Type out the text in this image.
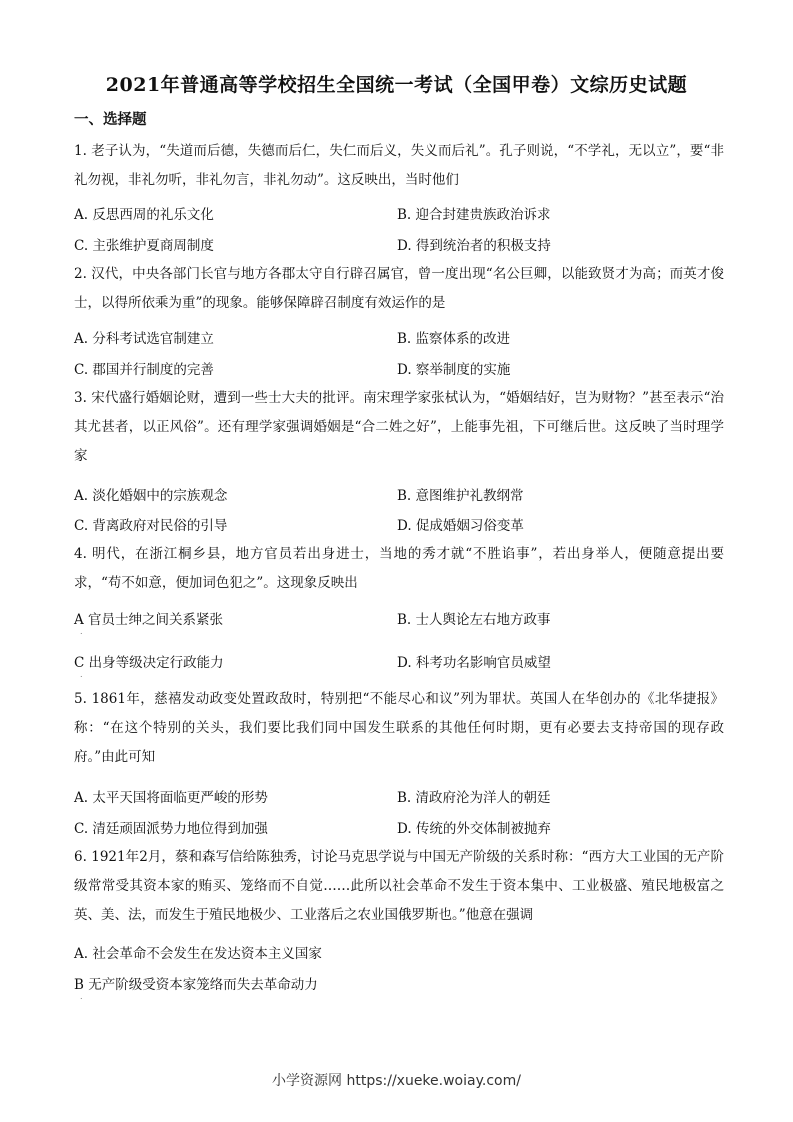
2021年普通高等学校招生全国统一考试（全国甲卷）文综历史试题
一、选择题
1. 老子认为，“失道而后德，失德而后仁，失仁而后义，失义而后礼”。孔子则说，“不学礼，无以立”，要“非礼勿视，非礼勿听，非礼勿言，非礼勿动”。这反映出，当时他们
A. 反思西周的礼乐文化	B. 迎合封建贵族政治诉求
C. 主张维护夏商周制度	D. 得到统治者的积极支持
2. 汉代，中央各部门长官与地方各郡太守自行辟召属官，曾一度出现“名公巨卿，以能致贤才为高；而英才俊士，以得所依乘为重”的现象。能够保障辟召制度有效运作的是
A. 分科考试选官制建立	B. 监察体系的改进
C. 郡国并行制度的完善	D. 察举制度的实施
3. 宋代盛行婚姻论财，遭到一些士大夫的批评。南宋理学家张栻认为，“婚姻结好，岂为财物？”甚至表示“治其尤甚者，以正风俗”。还有理学家强调婚姻是“合二姓之好”，上能事先祖，下可继后世。这反映了当时理学家
A. 淡化婚姻中的宗族观念	B. 意图维护礼教纲常
C. 背离政府对民俗的引导	D. 促成婚姻习俗变革
4. 明代，在浙江桐乡县，地方官员若出身进士，当地的秀才就“不胜谄事”，若出身举人，便随意提出要求，“苟不如意，便加词色犯之”。这现象反映出
A 官员士绅之间关系紧张	B. 士人舆论左右地方政事
.
C 出身等级决定行政能力	D. 科考功名影响官员威望
.
5. 1861年，慈禧发动政变处置政敌时，特别把“不能尽心和议”列为罪状。英国人在华创办的《北华捷报》称：“在这个特别的关头，我们要比我们同中国发生联系的其他任何时期，更有必要去支持帝国的现存政府。”由此可知
A. 太平天国将面临更严峻的形势	B. 清政府沦为洋人的朝廷
C. 清廷顽固派势力地位得到加强	D. 传统的外交体制被抛弃
6. 1921年2月，蔡和森写信给陈独秀，讨论马克思学说与中国无产阶级的关系时称：“西方大工业国的无产阶级常常受其资本家的贿买、笼络而不自觉……此所以社会革命不发生于资本集中、工业极盛、殖民地极富之英、美、法，而发生于殖民地极少、工业落后之农业国俄罗斯也。”他意在强调
A. 社会革命不会发生在发达资本主义国家
B 无产阶级受资本家笼络而失去革命动力
.
小学资源网 https://xueke.woiay.com/
